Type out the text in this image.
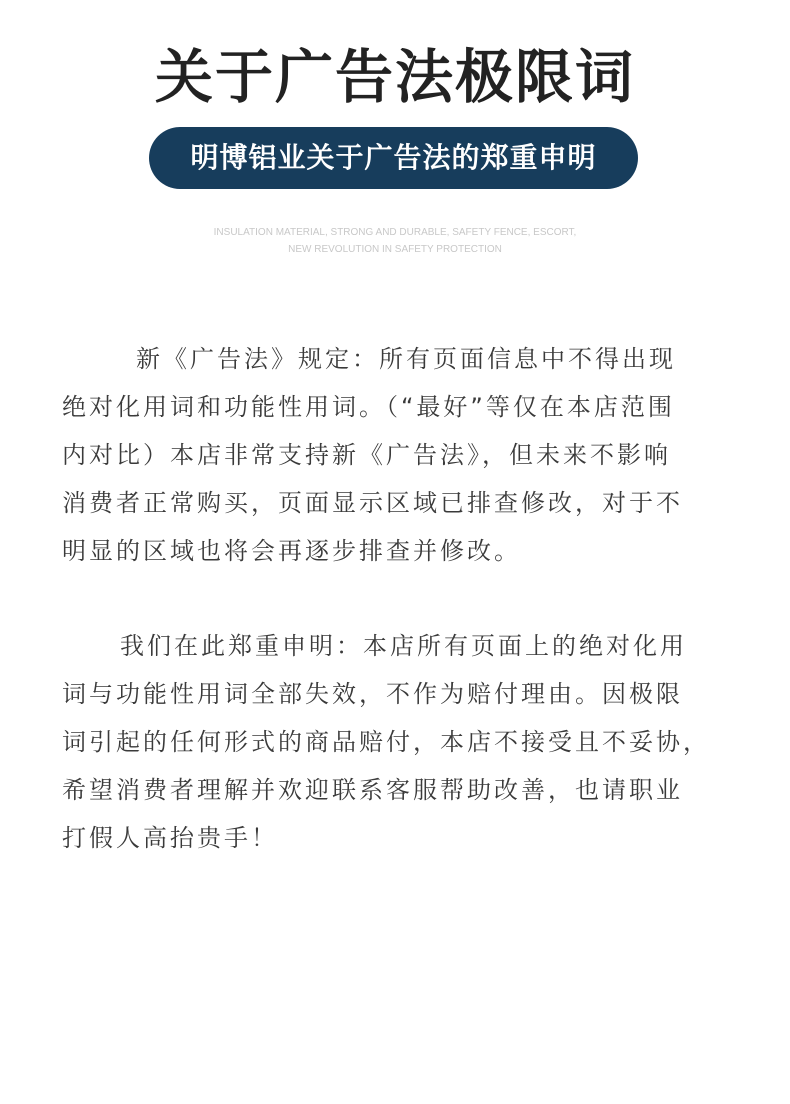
关于广告法极限词
明博铝业关于广告法的郑重申明
INSULATION MATERIAL, STRONG AND DURABLE, SAFETY FENCE, ESCORT,
NEW REVOLUTION IN SAFETY PROTECTION
新《广告法》规定：所有页面信息中不得出现
绝对化用词和功能性用词。（“最好”等仅在本店范围
内对比）本店非常支持新《广告法》，但未来不影响
消费者正常购买，页面显示区域已排查修改，对于不
明显的区域也将会再逐步排查并修改。
我们在此郑重申明：本店所有页面上的绝对化用
词与功能性用词全部失效，不作为赔付理由。因极限
词引起的任何形式的商品赔付，本店不接受且不妥协，
希望消费者理解并欢迎联系客服帮助改善，也请职业
打假人高抬贵手！
